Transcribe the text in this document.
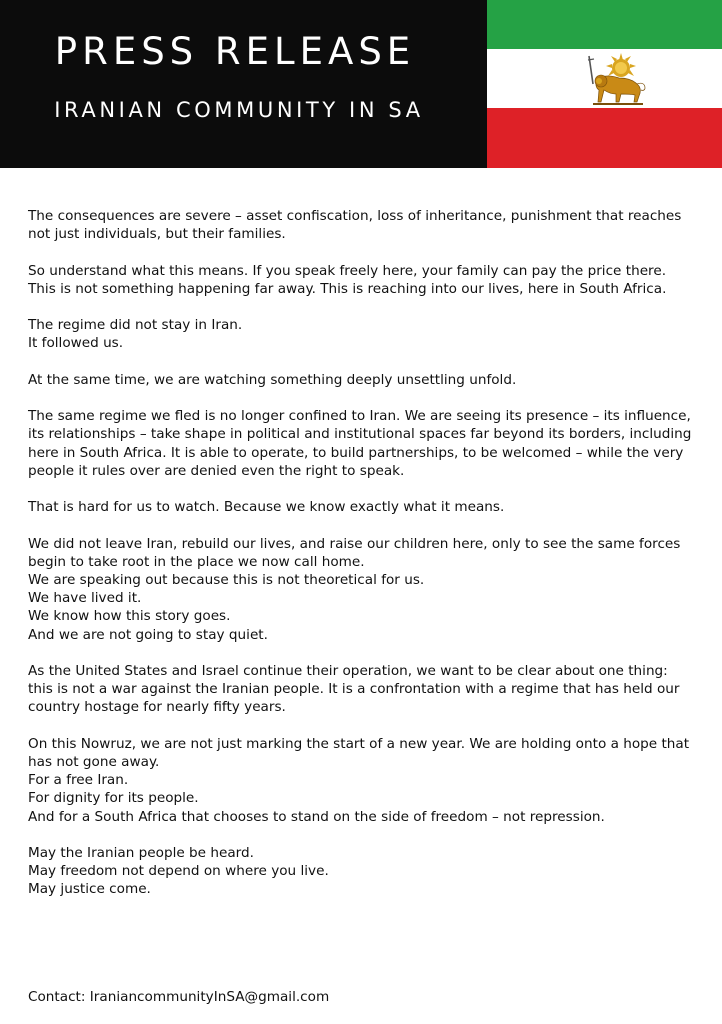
PRESS RELEASE
IRANIAN COMMUNITY IN SA

The consequences are severe – asset confiscation, loss of inheritance, punishment that reaches not just individuals, but their families.

So understand what this means. If you speak freely here, your family can pay the price there. This is not something happening far away. This is reaching into our lives, here in South Africa.

The regime did not stay in Iran.
It followed us.

At the same time, we are watching something deeply unsettling unfold.

The same regime we fled is no longer confined to Iran. We are seeing its presence – its influence, its relationships – take shape in political and institutional spaces far beyond its borders, including here in South Africa. It is able to operate, to build partnerships, to be welcomed – while the very people it rules over are denied even the right to speak.

That is hard for us to watch. Because we know exactly what it means.

We did not leave Iran, rebuild our lives, and raise our children here, only to see the same forces begin to take root in the place we now call home.
We are speaking out because this is not theoretical for us.
We have lived it.
We know how this story goes.
And we are not going to stay quiet.

As the United States and Israel continue their operation, we want to be clear about one thing:
this is not a war against the Iranian people. It is a confrontation with a regime that has held our country hostage for nearly fifty years.

On this Nowruz, we are not just marking the start of a new year. We are holding onto a hope that has not gone away.
For a free Iran.
For dignity for its people.
And for a South Africa that chooses to stand on the side of freedom – not repression.

May the Iranian people be heard.
May freedom not depend on where you live.
May justice come.

Contact: IraniancommunityInSA@gmail.com
